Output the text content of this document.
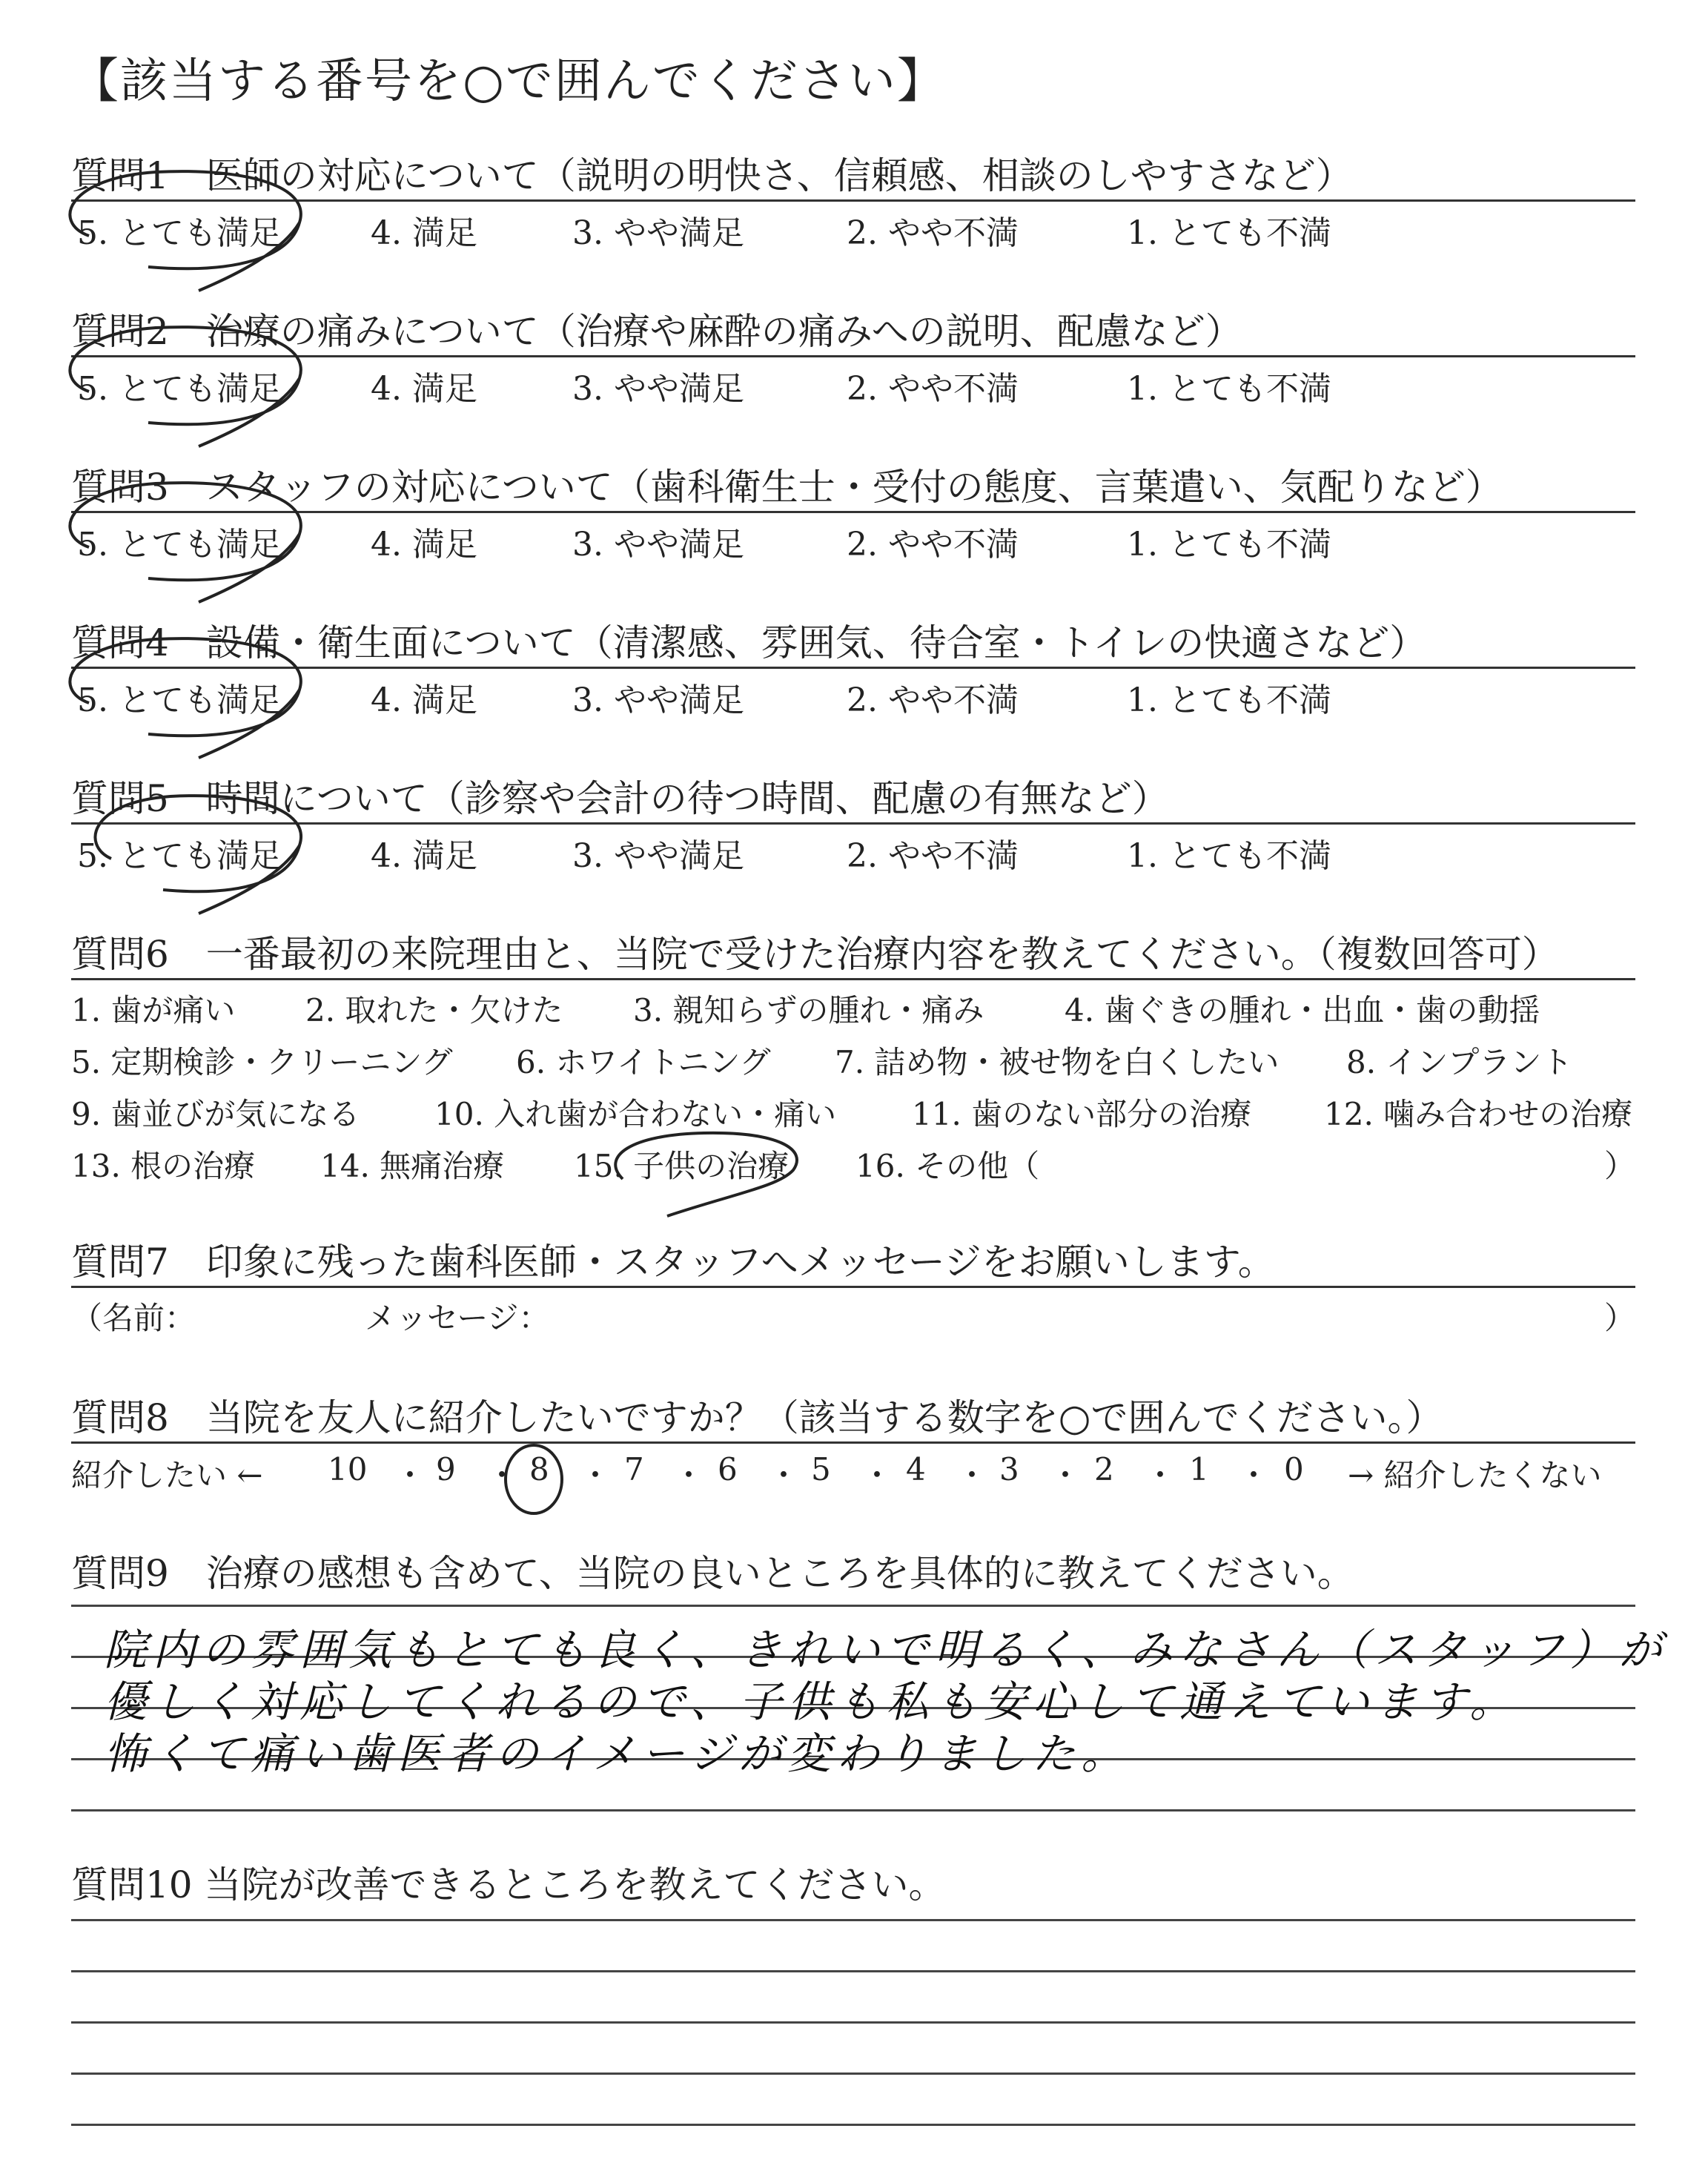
【該当する番号を○で囲んでください】
質問1　医師の対応について（説明の明快さ、信頼感、相談のしやすさなど）
5. とても満足	4. 満足	3. やや満足	2. やや不満	1. とても不満
質問2　治療の痛みについて（治療や麻酔の痛みへの説明、配慮など）
5. とても満足	4. 満足	3. やや満足	2. やや不満	1. とても不満
質問3　スタッフの対応について（歯科衛生士・受付の態度、言葉遣い、気配りなど）
5. とても満足	4. 満足	3. やや満足	2. やや不満	1. とても不満
質問4　設備・衛生面について（清潔感、雰囲気、待合室・トイレの快適さなど）
5. とても満足	4. 満足	3. やや満足	2. やや不満	1. とても不満
質問5　時間について（診察や会計の待つ時間、配慮の有無など）
5. とても満足	4. 満足	3. やや満足	2. やや不満	1. とても不満
質問6　一番最初の来院理由と、当院で受けた治療内容を教えてください。（複数回答可）
1. 歯が痛い 2. 取れた・欠けた 3. 親知らずの腫れ・痛み	4. 歯ぐきの腫れ・出血・歯の動揺
5. 定期検診・クリーニング 6. ホワイトニング 7. 詰め物・被せ物を白くしたい 8. インプラント
9. 歯並びが気になる 10. 入れ歯が合わない・痛い 11. 歯のない部分の治療 12. 噛み合わせの治療
13. 根の治療 14. 無痛治療 15. 子供の治療 16. その他（	）
質問7　印象に残った歯科医師・スタッフへメッセージをお願いします。
（名前：	メッセージ：	）
質問8　当院を友人に紹介したいですか？（該当する数字を○で囲んでください。）
紹介したい ← 10 ・ 9 ・ 8 ・ 7 ・ 6 ・ 5 ・ 4 ・ 3 ・ 2 ・ 1 ・ 0 → 紹介したくない
質問9　治療の感想も含めて、当院の良いところを具体的に教えてください。
院内の雰囲気もとても良く、きれいで明るく、みなさん（スタッフ）が
優しく対応してくれるので、子供も私も安心して通えています。
怖くて痛い歯医者のイメージが変わりました。
質問10 当院が改善できるところを教えてください。
